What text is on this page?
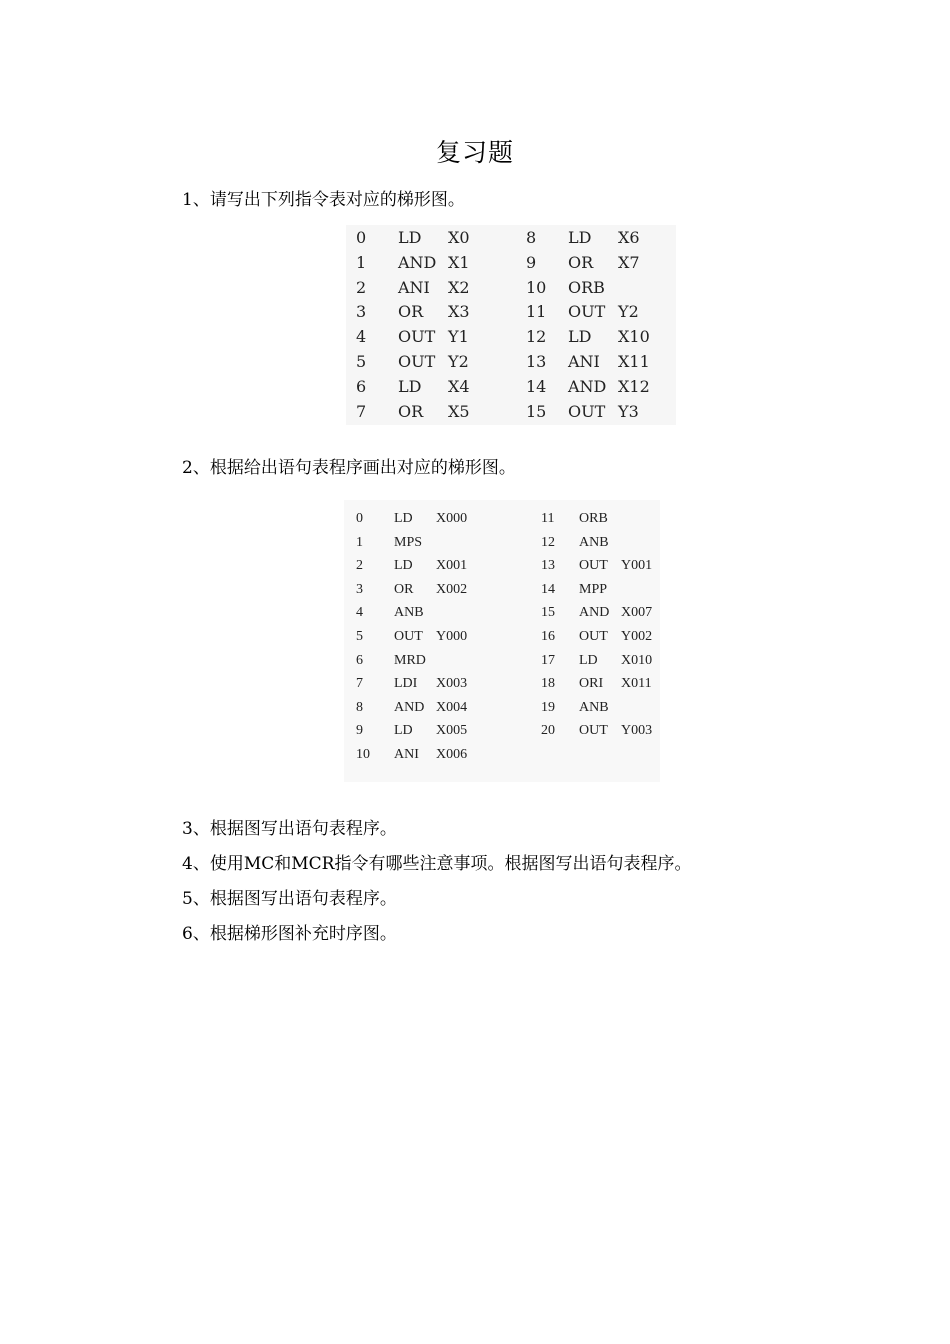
复习题
1、请写出下列指令表对应的梯形图。
0 LD X0
1 AND X1
2 ANI X2
3 OR X3
4 OUT Y1
5 OUT Y2
6 LD X4
7 OR X5
8 LD X6
9 OR X7
10 ORB
11 OUT Y2
12 LD X10
13 ANI X11
14 AND X12
15 OUT Y3
2、根据给出语句表程序画出对应的梯形图。
0 LD X000
1 MPS
2 LD X001
3 OR X002
4 ANB
5 OUT Y000
6 MRD
7 LDI X003
8 AND X004
9 LD X005
10 ANI X006
11 ORB
12 ANB
13 OUT Y001
14 MPP
15 AND X007
16 OUT Y002
17 LD X010
18 ORI X011
19 ANB
20 OUT Y003
3、根据图写出语句表程序。
4、使用MC和MCR指令有哪些注意事项。根据图写出语句表程序。
5、根据图写出语句表程序。
6、根据梯形图补充时序图。
